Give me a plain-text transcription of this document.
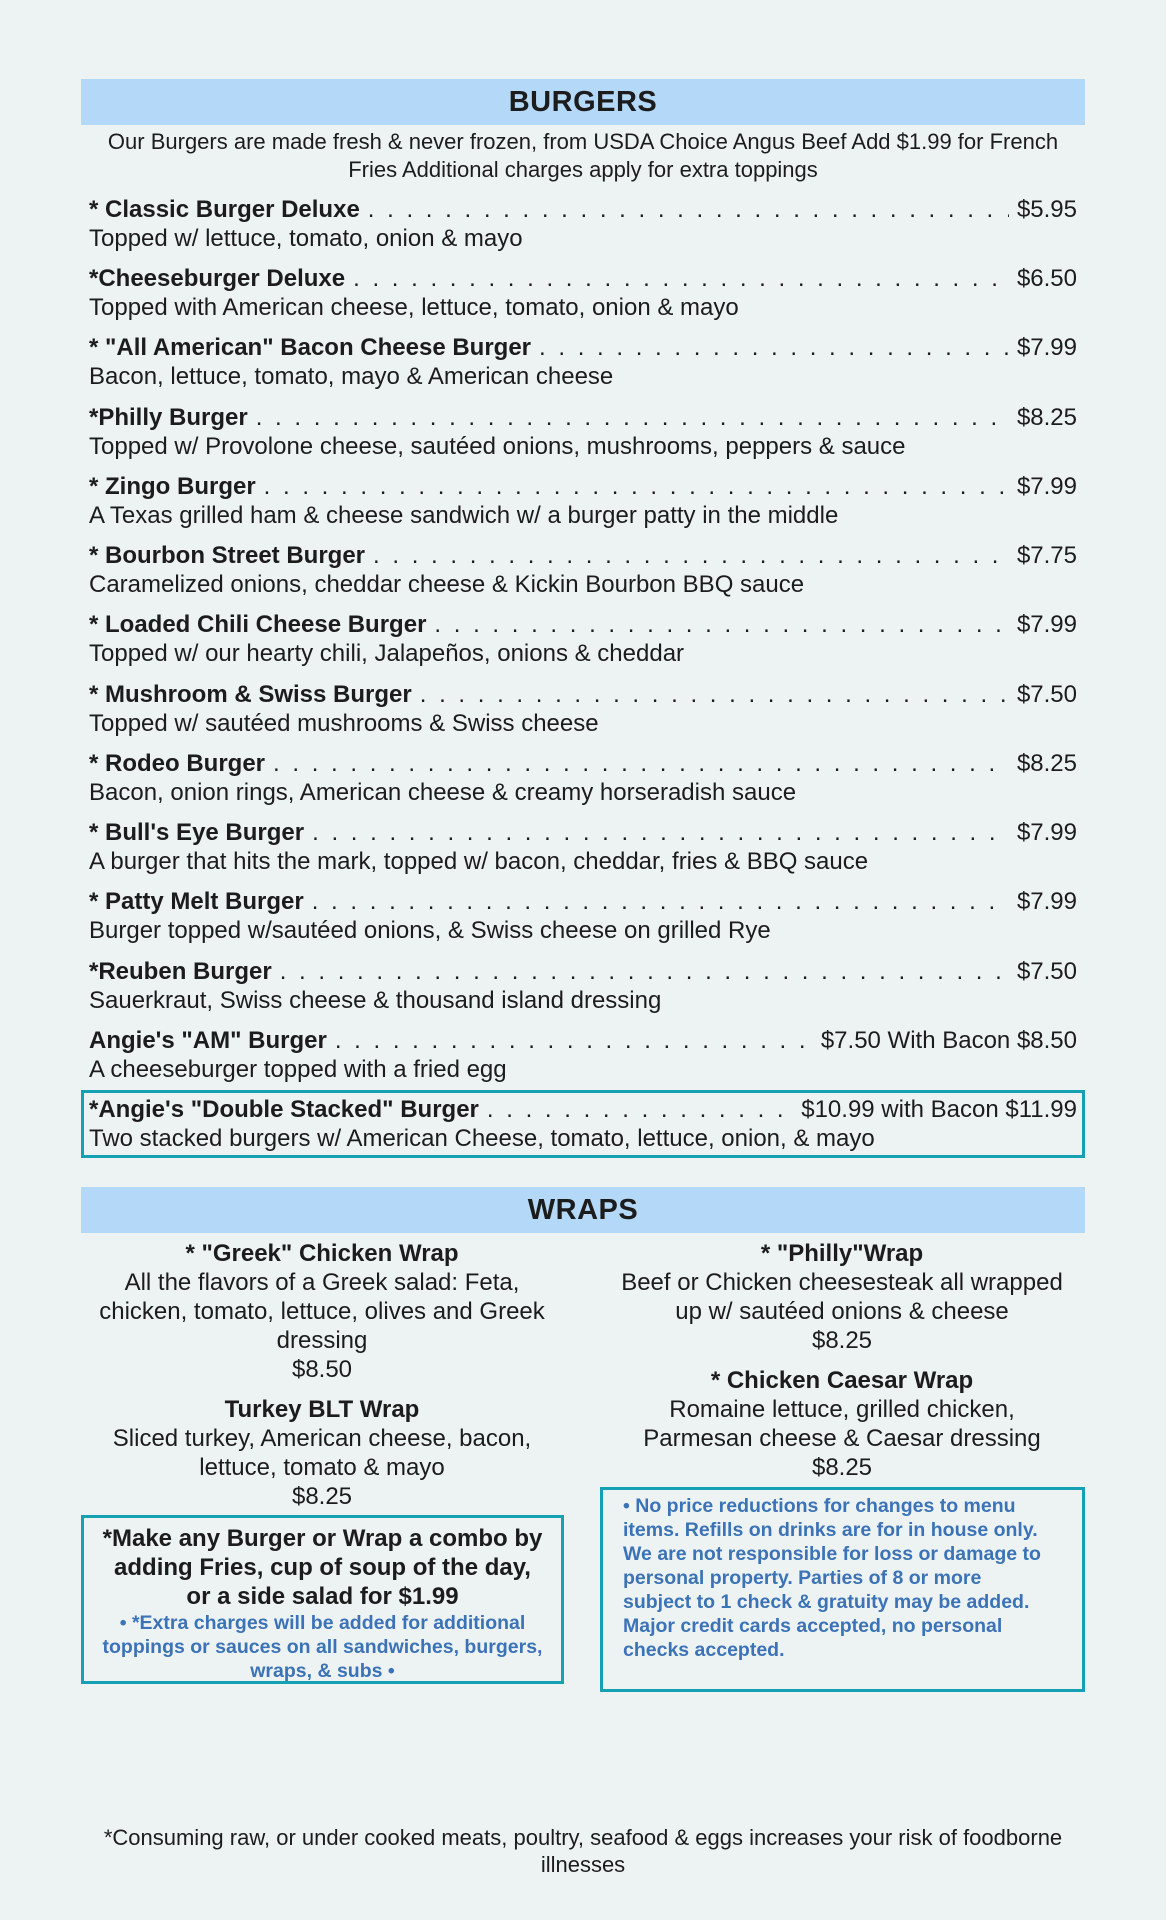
BURGERS
Our Burgers are made fresh & never frozen, from USDA Choice Angus Beef Add $1.99 for French Fries Additional charges apply for extra toppings
* Classic Burger Deluxe . . .	$5.95
Topped w/ lettuce, tomato, onion & mayo
*Cheeseburger Deluxe . . .	$6.50
Topped with American cheese, lettuce, tomato, onion & mayo
* "All American" Bacon Cheese Burger . . .	$7.99
Bacon, lettuce, tomato, mayo & American cheese
*Philly Burger . . .	$8.25
Topped w/ Provolone cheese, sautéed onions, mushrooms, peppers & sauce
* Zingo Burger . . .	$7.99
A Texas grilled ham & cheese sandwich w/ a burger patty in the middle
* Bourbon Street Burger . . .	$7.75
Caramelized onions, cheddar cheese & Kickin Bourbon BBQ sauce
* Loaded Chili Cheese Burger . . .	$7.99
Topped w/ our hearty chili, Jalapeños, onions & cheddar
* Mushroom & Swiss Burger . . .	$7.50
Topped w/ sautéed mushrooms & Swiss cheese
* Rodeo Burger . . .	$8.25
Bacon, onion rings, American cheese & creamy horseradish sauce
* Bull's Eye Burger . . .	$7.99
A burger that hits the mark, topped w/ bacon, cheddar, fries & BBQ sauce
* Patty Melt Burger . . .	$7.99
Burger topped w/sautéed onions, & Swiss cheese on grilled Rye
*Reuben Burger . . .	$7.50
Sauerkraut, Swiss cheese & thousand island dressing
Angie's "AM" Burger . . .	$7.50 With Bacon $8.50
A cheeseburger topped with a fried egg
*Angie's "Double Stacked" Burger . . .	$10.99 with Bacon $11.99
Two stacked burgers w/ American Cheese, tomato, lettuce, onion, & mayo
WRAPS
* "Greek" Chicken Wrap
All the flavors of a Greek salad: Feta, chicken, tomato, lettuce, olives and Greek dressing
$8.50
Turkey BLT Wrap
Sliced turkey, American cheese, bacon, lettuce, tomato & mayo
$8.25
* "Philly"Wrap
Beef or Chicken cheesesteak all wrapped up w/ sautéed onions & cheese
$8.25
* Chicken Caesar Wrap
Romaine lettuce, grilled chicken, Parmesan cheese & Caesar dressing
$8.25
*Make any Burger or Wrap a combo by adding Fries, cup of soup of the day, or a side salad for $1.99
• *Extra charges will be added for additional toppings or sauces on all sandwiches, burgers, wraps, & subs •
• No price reductions for changes to menu items. Refills on drinks are for in house only. We are not responsible for loss or damage to personal property. Parties of 8 or more subject to 1 check & gratuity may be added. Major credit cards accepted, no personal checks accepted.
*Consuming raw, or under cooked meats, poultry, seafood & eggs increases your risk of foodborne illnesses
